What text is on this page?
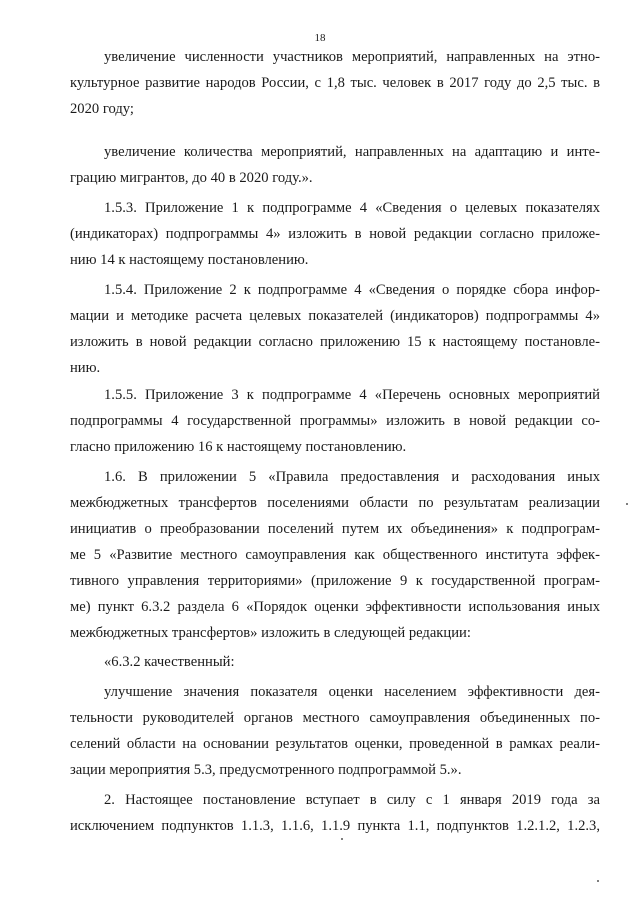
18
увеличение численности участников мероприятий, направленных на этно-
культурное развитие народов России, с 1,8 тыс. человек в 2017 году до 2,5 тыс. в
2020 году;
увеличение количества мероприятий, направленных на адаптацию и инте-
грацию мигрантов, до 40 в 2020 году.».
1.5.3. Приложение 1 к подпрограмме 4 «Сведения о целевых показателях
(индикаторах) подпрограммы 4» изложить в новой редакции согласно приложе-
нию 14 к настоящему постановлению.
1.5.4. Приложение 2 к подпрограмме 4 «Сведения о порядке сбора инфор-
мации и методике расчета целевых показателей (индикаторов) подпрограммы 4»
изложить в новой редакции согласно приложению 15 к настоящему постановле-
нию.
1.5.5. Приложение 3 к подпрограмме 4 «Перечень основных мероприятий
подпрограммы 4 государственной программы» изложить в новой редакции со-
гласно приложению 16 к настоящему постановлению.
1.6. В приложении 5 «Правила предоставления и расходования иных
межбюджетных трансфертов поселениями области по результатам реализации
инициатив о преобразовании поселений путем их объединения» к подпрограм-
ме 5 «Развитие местного самоуправления как общественного института эффек-
тивного управления территориями» (приложение 9 к государственной програм-
ме) пункт 6.3.2 раздела 6 «Порядок оценки эффективности использования иных
межбюджетных трансфертов» изложить в следующей редакции:
«6.3.2 качественный:
улучшение значения показателя оценки населением эффективности дея-
тельности руководителей органов местного самоуправления объединенных по-
селений области на основании результатов оценки, проведенной в рамках реали-
зации мероприятия 5.3, предусмотренного подпрограммой 5.».
2. Настоящее постановление вступает в силу с 1 января 2019 года за
исключением подпунктов 1.1.3, 1.1.6, 1.1.9 пункта 1.1, подпунктов 1.2.1.2, 1.2.3,
